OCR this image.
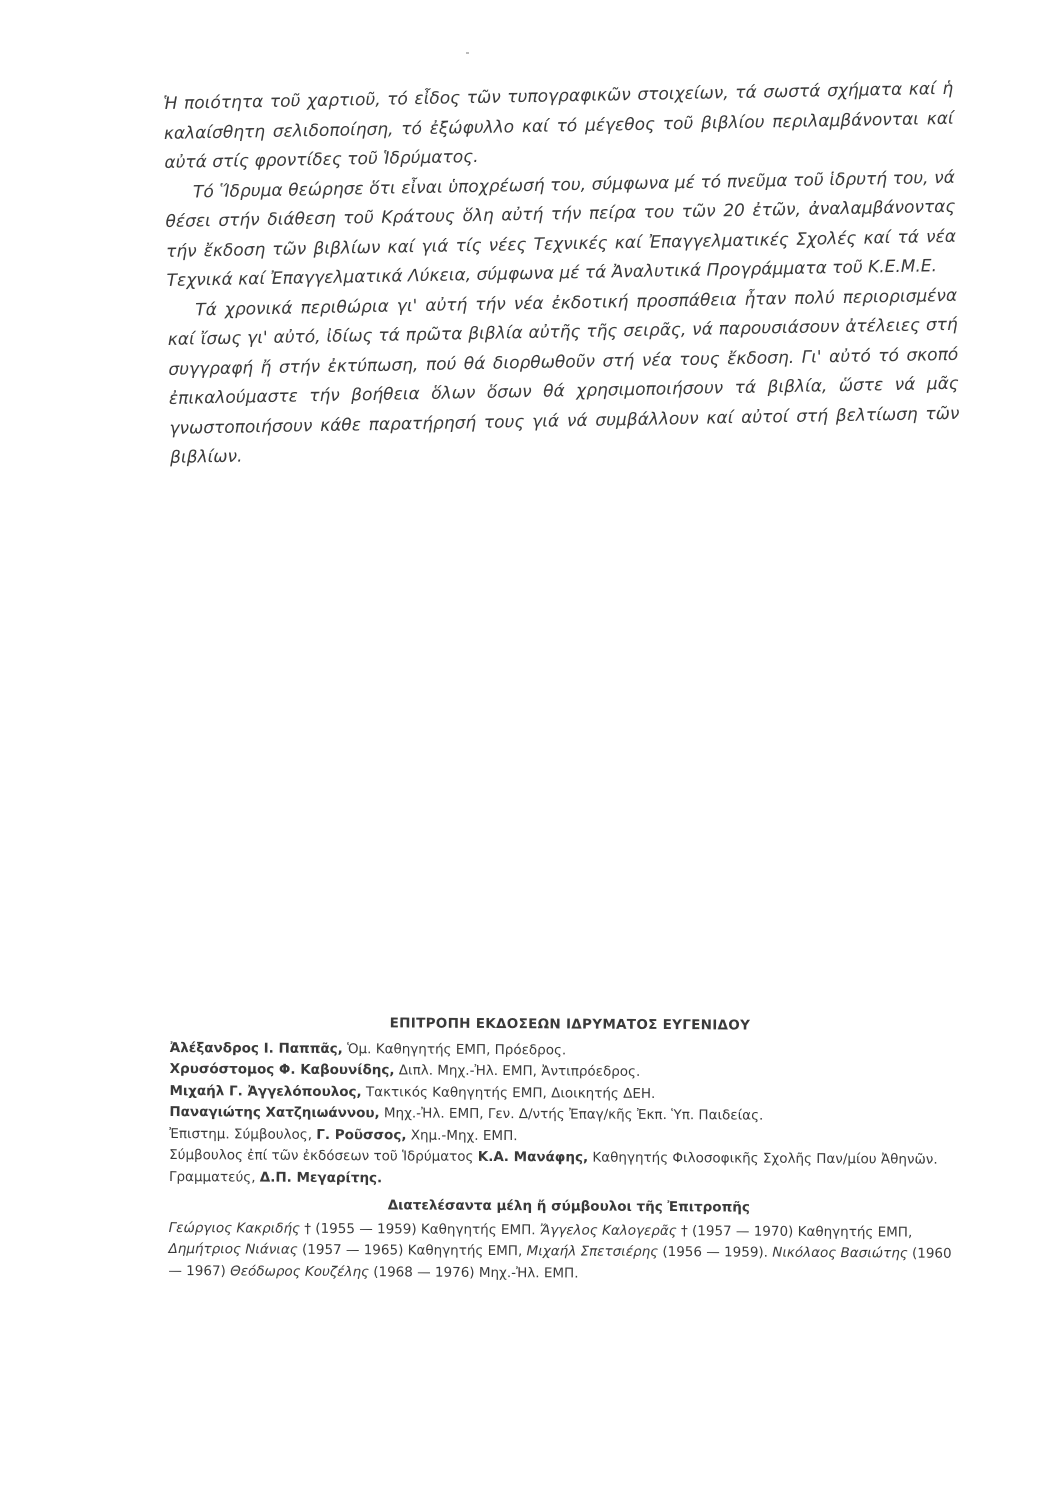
Ἡ ποιότητα τοῦ χαρτιοῦ, τό εἶδος τῶν τυπογραφικῶν στοιχείων, τά σωστά σχήματα καί ἡ καλαίσθητη σελιδοποίηση, τό ἐξώφυλλο καί τό μέγεθος τοῦ βιβλίου περιλαμβάνονται καί αὐτά στίς φροντίδες τοῦ Ἱδρύματος.

Τό Ἵδρυμα θεώρησε ὅτι εἶναι ὑποχρέωσή του, σύμφωνα μέ τό πνεῦμα τοῦ ἱδρυτή του, νά θέσει στήν διάθεση τοῦ Κράτους ὅλη αὐτή τήν πείρα του τῶν 20 ἐτῶν, ἀναλαμβάνοντας τήν ἔκδοση τῶν βιβλίων καί γιά τίς νέες Τεχνικές καί Ἐπαγγελματικές Σχολές καί τά νέα Τεχνικά καί Ἐπαγγελματικά Λύκεια, σύμφωνα μέ τά Ἀναλυτικά Προγράμματα τοῦ Κ.Ε.Μ.Ε.

Τά χρονικά περιθώρια γι' αὐτή τήν νέα ἐκδοτική προσπάθεια ἦταν πολύ περιορισμένα καί ἴσως γι' αὐτό, ἰδίως τά πρῶτα βιβλία αὐτῆς τῆς σειρᾶς, νά παρουσιάσουν ἀτέλειες στή συγγραφή ἤ στήν ἐκτύπωση, πού θά διορθωθοῦν στή νέα τους ἔκδοση. Γι' αὐτό τό σκοπό ἐπικαλούμαστε τήν βοήθεια ὅλων ὅσων θά χρησιμοποιήσουν τά βιβλία, ὥστε νά μᾶς γνωστοποιήσουν κάθε παρατήρησή τους γιά νά συμβάλλουν καί αὐτοί στή βελτίωση τῶν βιβλίων.

ΕΠΙΤΡΟΠΗ ΕΚΔΟΣΕΩΝ ΙΔΡΥΜΑΤΟΣ ΕΥΓΕΝΙΔΟΥ

Ἀλέξανδρος Ι. Παππᾶς, Ὁμ. Καθηγητής ΕΜΠ, Πρόεδρος.

Χρυσόστομος Φ. Καβουνίδης, Διπλ. Μηχ.-Ἠλ. ΕΜΠ, Ἀντιπρόεδρος.

Μιχαήλ Γ. Ἀγγελόπουλος, Τακτικός Καθηγητής ΕΜΠ, Διοικητής ΔΕΗ.

Παναγιώτης Χατζηιωάννου, Μηχ.-Ἠλ. ΕΜΠ, Γεν. Δ/ντής Ἐπαγ/κῆς Ἐκπ. Ὑπ. Παιδείας.

Ἐπιστημ. Σύμβουλος, Γ. Ροῦσσος, Χημ.-Μηχ. ΕΜΠ.

Σύμβουλος ἐπί τῶν ἐκδόσεων τοῦ Ἱδρύματος Κ.Α. Μανάφης, Καθηγητής Φιλοσοφικῆς Σχολῆς Παν/μίου Ἀθηνῶν.

Γραμματεύς, Δ.Π. Μεγαρίτης.

Διατελέσαντα μέλη ἤ σύμβουλοι τῆς Ἐπιτροπῆς

Γεώργιος Κακριδής † (1955 — 1959) Καθηγητής ΕΜΠ. Ἄγγελος Καλογερᾶς † (1957 — 1970) Καθηγητής ΕΜΠ, Δημήτριος Νιάνιας (1957 — 1965) Καθηγητής ΕΜΠ, Μιχαήλ Σπετσιέρης (1956 — 1959). Νικόλαος Βασιώτης (1960 — 1967) Θεόδωρος Κουζέλης (1968 — 1976) Μηχ.-Ἠλ. ΕΜΠ.
